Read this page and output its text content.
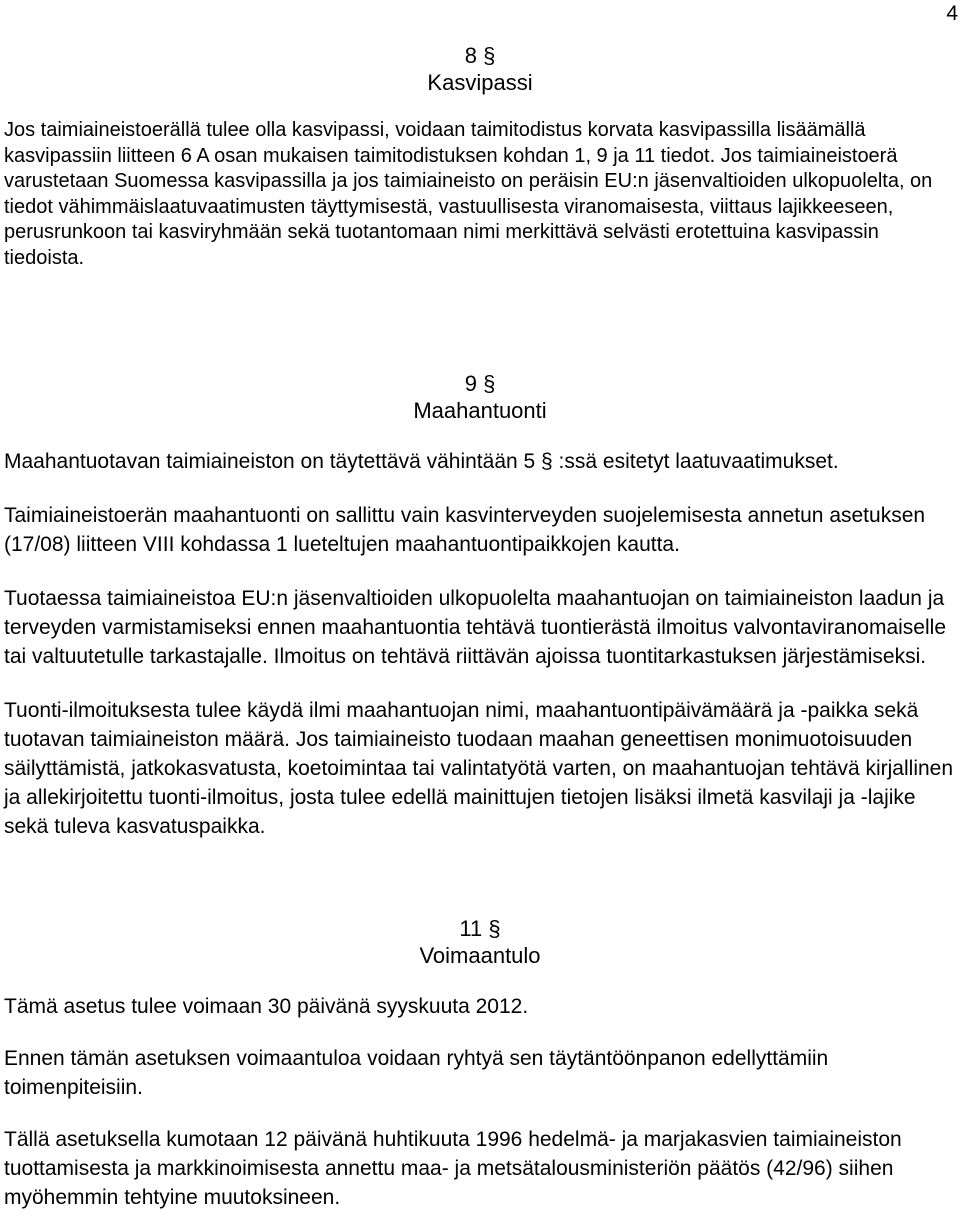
4
8 §
Kasvipassi

Jos taimiaineistoerällä tulee olla kasvipassi, voidaan taimitodistus korvata kasvipassilla lisäämällä kasvipassiin liitteen 6 A osan mukaisen taimitodistuksen kohdan 1, 9 ja 11 tiedot. Jos taimiaineistoerä varustetaan Suomessa kasvipassilla ja jos taimiaineisto on peräisin EU:n jäsenvaltioiden ulkopuolelta, on tiedot vähimmäislaatuvaatimusten täyttymisestä, vastuullisesta viranomaisesta, viittaus lajikkeeseen, perusrunkoon tai kasviryhmään sekä tuotantomaan nimi merkittävä selvästi erotettuina kasvipassin tiedoista.

9 §
Maahantuonti

Maahantuotavan taimiaineiston on täytettävä vähintään 5 § :ssä esitetyt laatuvaatimukset.

Taimiaineistoerän maahantuonti on sallittu vain kasvinterveyden suojelemisesta annetun asetuksen (17/08) liitteen VIII kohdassa 1 lueteltujen maahantuontipaikkojen kautta.

Tuotaessa taimiaineistoa EU:n jäsenvaltioiden ulkopuolelta maahantuojan on taimiaineiston laadun ja terveyden varmistamiseksi ennen maahantuontia tehtävä tuontierästä ilmoitus valvontaviranomaiselle tai valtuutetulle tarkastajalle. Ilmoitus on tehtävä riittävän ajoissa tuontitarkastuksen järjestämiseksi.

Tuonti-ilmoituksesta tulee käydä ilmi maahantuojan nimi, maahantuontipäivämäärä ja -paikka sekä tuotavan taimiaineiston määrä. Jos taimiaineisto tuodaan maahan geneettisen monimuotoisuuden säilyttämistä, jatkokasvatusta, koetoimintaa tai valintatyötä varten, on maahantuojan tehtävä kirjallinen ja allekirjoitettu tuonti-ilmoitus, josta tulee edellä mainittujen tietojen lisäksi ilmetä kasvilaji ja -lajike sekä tuleva kasvatuspaikka.

11 §
Voimaantulo

Tämä asetus tulee voimaan 30 päivänä syyskuuta 2012.

Ennen tämän asetuksen voimaantuloa voidaan ryhtyä sen täytäntöönpanon edellyttämiin toimenpiteisiin.

Tällä asetuksella kumotaan 12 päivänä huhtikuuta 1996 hedelmä- ja marjakasvien taimiaineiston tuottamisesta ja markkinoimisesta annettu maa- ja metsätalousministeriön päätös (42/96) siihen myöhemmin tehtyine muutoksineen.
